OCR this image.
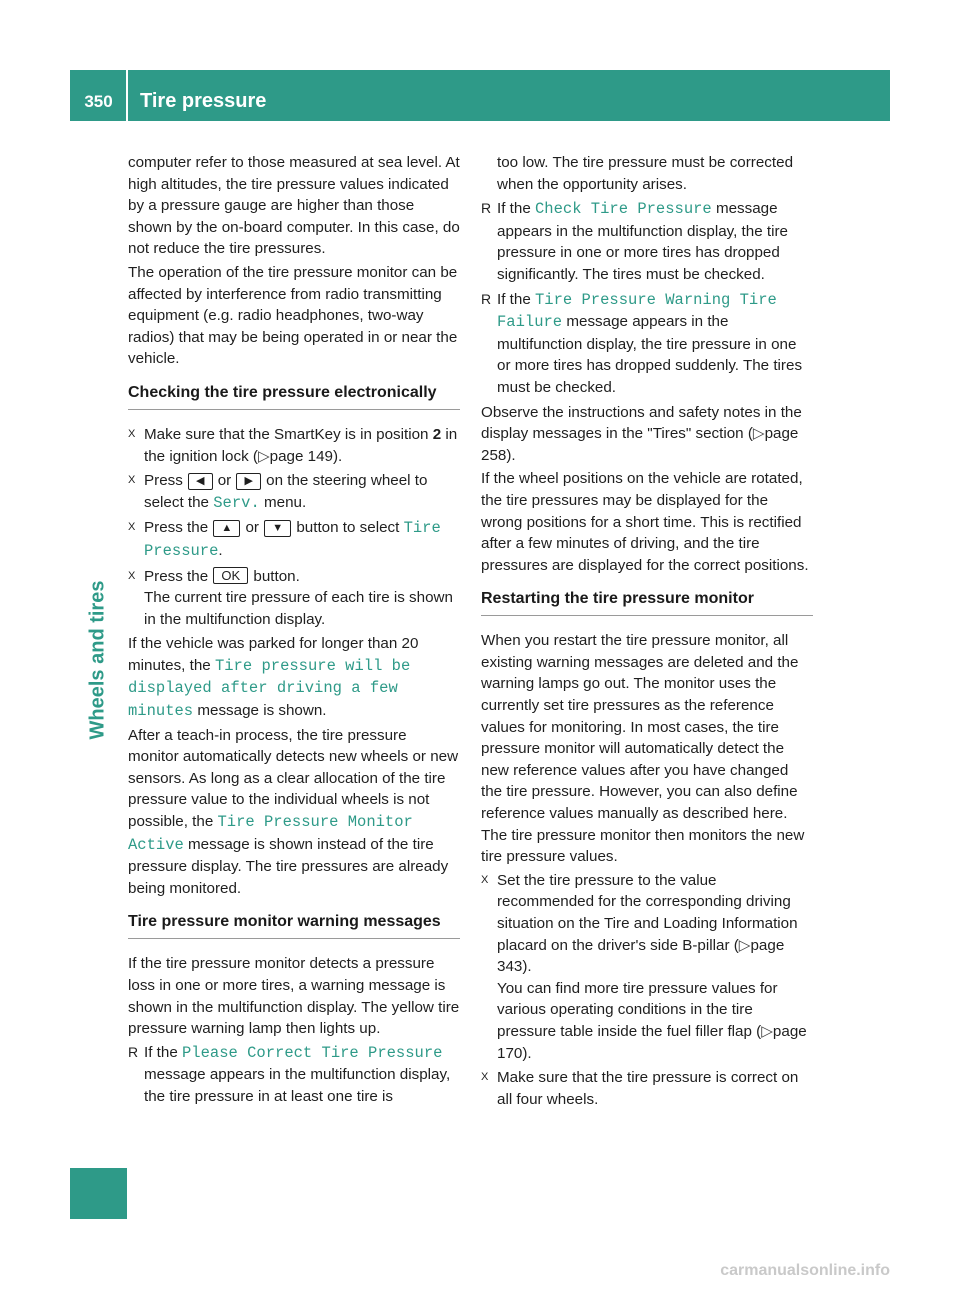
350	Tire pressure
Wheels and tires

computer refer to those measured at sea level. At high altitudes, the tire pressure values indicated by a pressure gauge are higher than those shown by the on-board computer. In this case, do not reduce the tire pressures.

The operation of the tire pressure monitor can be affected by interference from radio transmitting equipment (e.g. radio headphones, two-way radios) that may be being operated in or near the vehicle.

Checking the tire pressure electronically
X Make sure that the SmartKey is in position 2 in the ignition lock (▷page 149).
X Press ◀ or ▶ on the steering wheel to select the Serv. menu.
X Press the ▲ or ▼ button to select Tire Pressure.
X Press the OK button.
The current tire pressure of each tire is shown in the multifunction display.

If the vehicle was parked for longer than 20 minutes, the Tire pressure will be displayed after driving a few minutes message is shown.

After a teach-in process, the tire pressure monitor automatically detects new wheels or new sensors. As long as a clear allocation of the tire pressure value to the individual wheels is not possible, the Tire Pressure Monitor Active message is shown instead of the tire pressure display. The tire pressures are already being monitored.

Tire pressure monitor warning messages

If the tire pressure monitor detects a pressure loss in one or more tires, a warning message is shown in the multifunction display. The yellow tire pressure warning lamp then lights up.

R If the Please Correct Tire Pressure message appears in the multifunction display, the tire pressure in at least one tire is
too low. The tire pressure must be corrected when the opportunity arises.
R If the Check Tire Pressure message appears in the multifunction display, the tire pressure in one or more tires has dropped significantly. The tires must be checked.
R If the Tire Pressure Warning Tire Failure message appears in the multifunction display, the tire pressure in one or more tires has dropped suddenly. The tires must be checked.

Observe the instructions and safety notes in the display messages in the "Tires" section (▷page 258).

If the wheel positions on the vehicle are rotated, the tire pressures may be displayed for the wrong positions for a short time. This is rectified after a few minutes of driving, and the tire pressures are displayed for the correct positions.

Restarting the tire pressure monitor

When you restart the tire pressure monitor, all existing warning messages are deleted and the warning lamps go out. The monitor uses the currently set tire pressures as the reference values for monitoring. In most cases, the tire pressure monitor will automatically detect the new reference values after you have changed the tire pressure. However, you can also define reference values manually as described here. The tire pressure monitor then monitors the new tire pressure values.

X Set the tire pressure to the value recommended for the corresponding driving situation on the Tire and Loading Information placard on the driver's side B-pillar (▷page 343).
You can find more tire pressure values for various operating conditions in the tire pressure table inside the fuel filler flap (▷page 170).
X Make sure that the tire pressure is correct on all four wheels.
carmanualsonline.info
